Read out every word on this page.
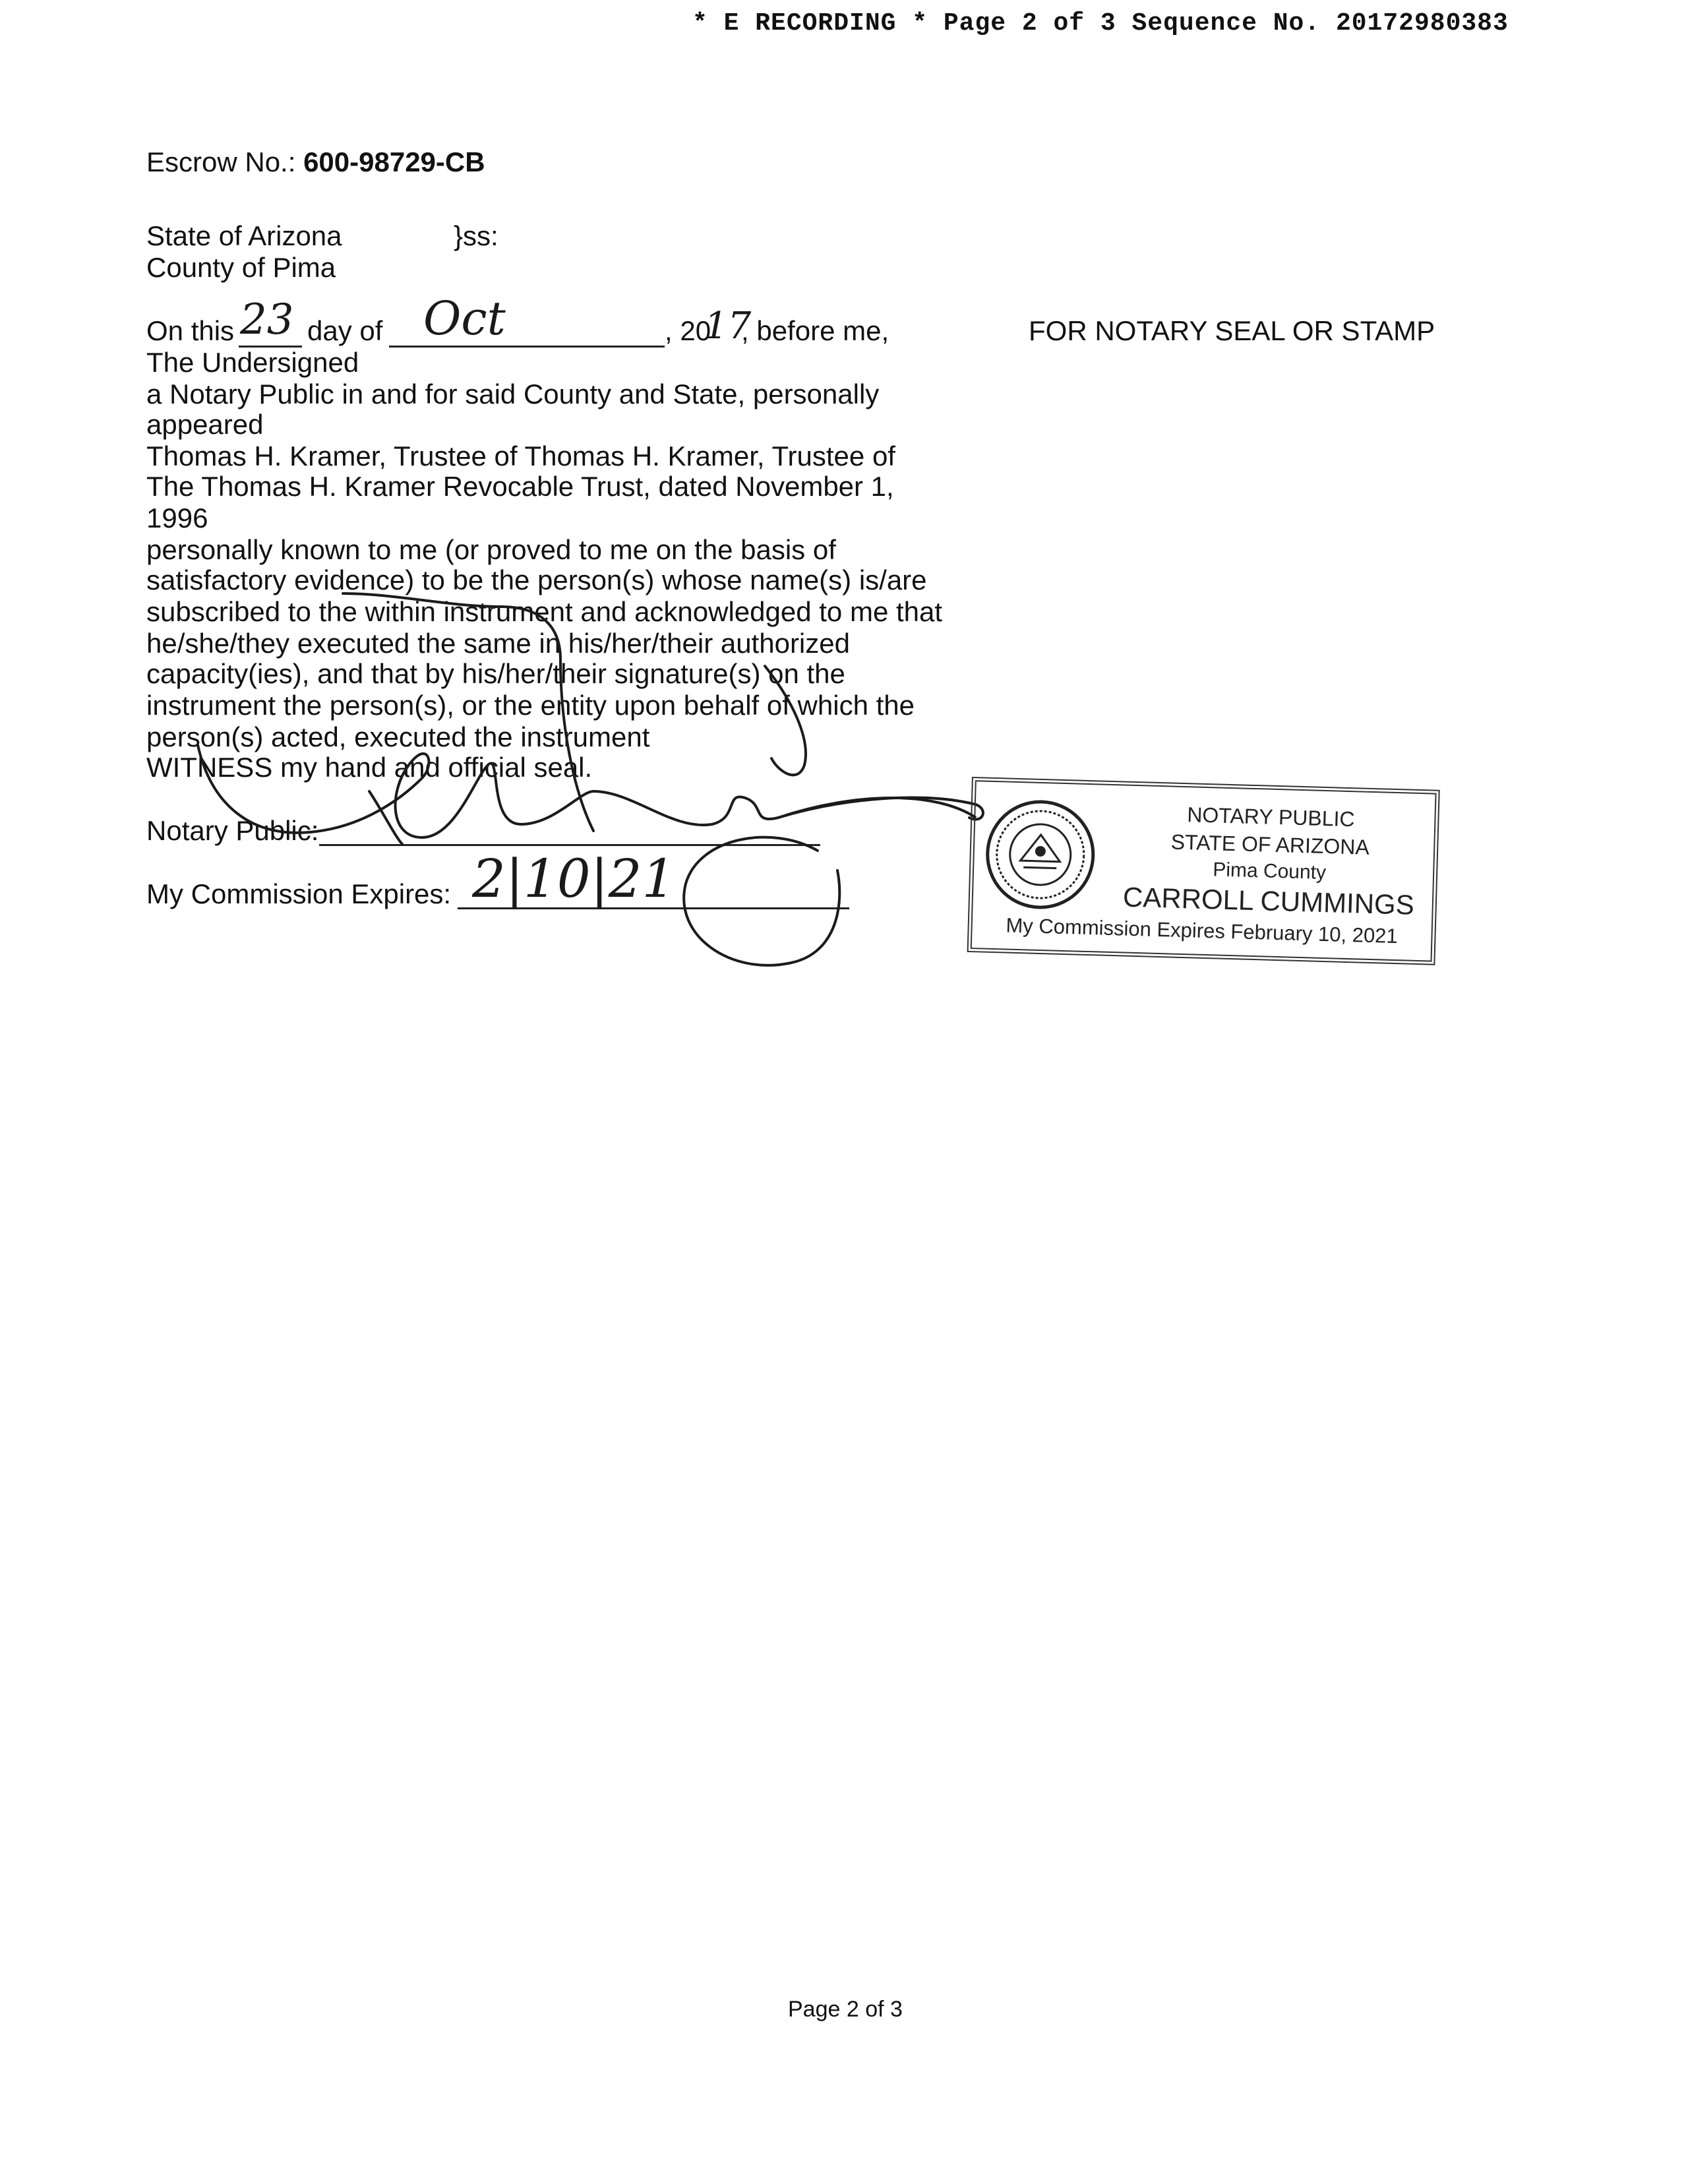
* E RECORDING * Page 2 of 3 Sequence No. 20172980383
Escrow No.: 600-98729-CB
State of Arizona	}ss:
County of Pima
On this 23 day of Oct	, 20
17
, before me,	FOR NOTARY SEAL OR STAMP
The Undersigned
a Notary Public in and for said County and State, personally
appeared
Thomas H. Kramer, Trustee of Thomas H. Kramer, Trustee of
The Thomas H. Kramer Revocable Trust, dated November 1,
1996
personally known to me (or proved to me on the basis of
satisfactory evidence) to be the person(s) whose name(s) is/are
subscribed to the within instrument and acknowledged to me that
he/she/they executed the same in his/her/their authorized
capacity(ies), and that by his/her/their signature(s) on the
instrument the person(s), or the entity upon behalf of which the
person(s) acted, executed the instrument
WITNESS my hand and official seal.
Notary Public:
My Commission Expires: 2|10|21
NOTARY PUBLIC
STATE OF ARIZONA
Pima County
CARROLL CUMMINGS
My Commission Expires February 10, 2021
Page 2 of 3
